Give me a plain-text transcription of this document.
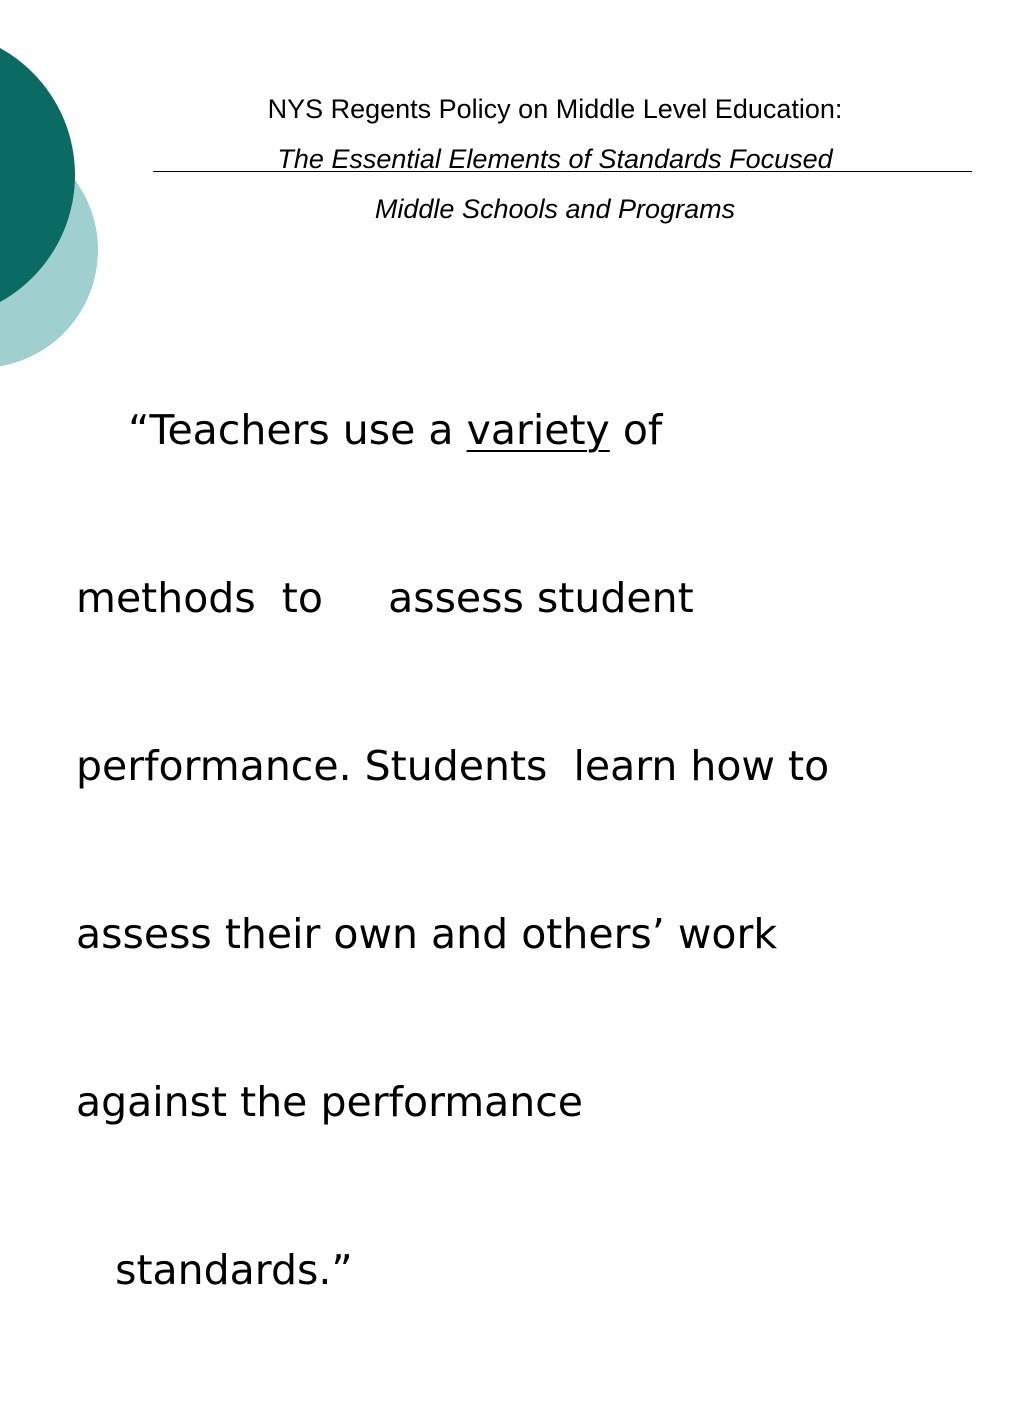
NYS Regents Policy on Middle Level Education:
The Essential Elements of Standards Focused
Middle Schools and Programs

“Teachers use a variety of

methods  to     assess student

performance. Students  learn how to

assess their own and others’ work

against the performance

standards.”
